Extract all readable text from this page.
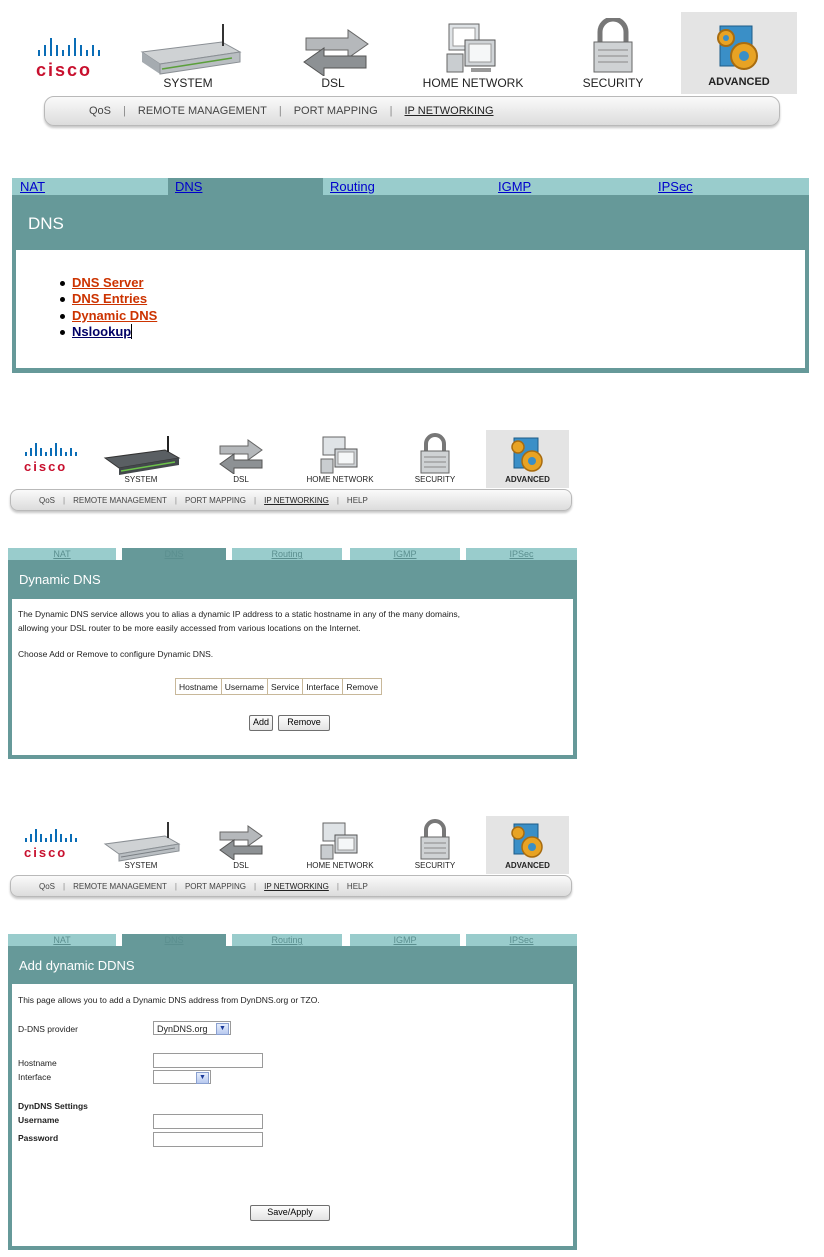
cisco
SYSTEM	DSL	HOME NETWORK	SECURITY	ADVANCED
QoS | REMOTE MANAGEMENT | PORT MAPPING | IP NETWORKING
NAT	DNS	Routing	IGMP	IPSec
DNS
DNS Server
DNS Entries
Dynamic DNS
Nslookup
cisco
SYSTEM	DSL	HOME NETWORK	SECURITY	ADVANCED
QoS | REMOTE MANAGEMENT | PORT MAPPING | IP NETWORKING | HELP
NAT	DNS	Routing	IGMP	IPSec
Dynamic DNS
The Dynamic DNS service allows you to alias a dynamic IP address to a static hostname in any of the many domains,
allowing your DSL router to be more easily accessed from various locations on the Internet.
Choose Add or Remove to configure Dynamic DNS.
Hostname	Username	Service	Interface	Remove
Add	Remove
cisco
SYSTEM	DSL	HOME NETWORK	SECURITY	ADVANCED
QoS | REMOTE MANAGEMENT | PORT MAPPING | IP NETWORKING | HELP
NAT	DNS	Routing	IGMP	IPSec
Add dynamic DDNS
This page allows you to add a Dynamic DNS address from DynDNS.org or TZO.
D-DNS provider	DynDNS.org	▼
Hostname
Interface	▼
DynDNS Settings
Username
Password
Save/Apply
